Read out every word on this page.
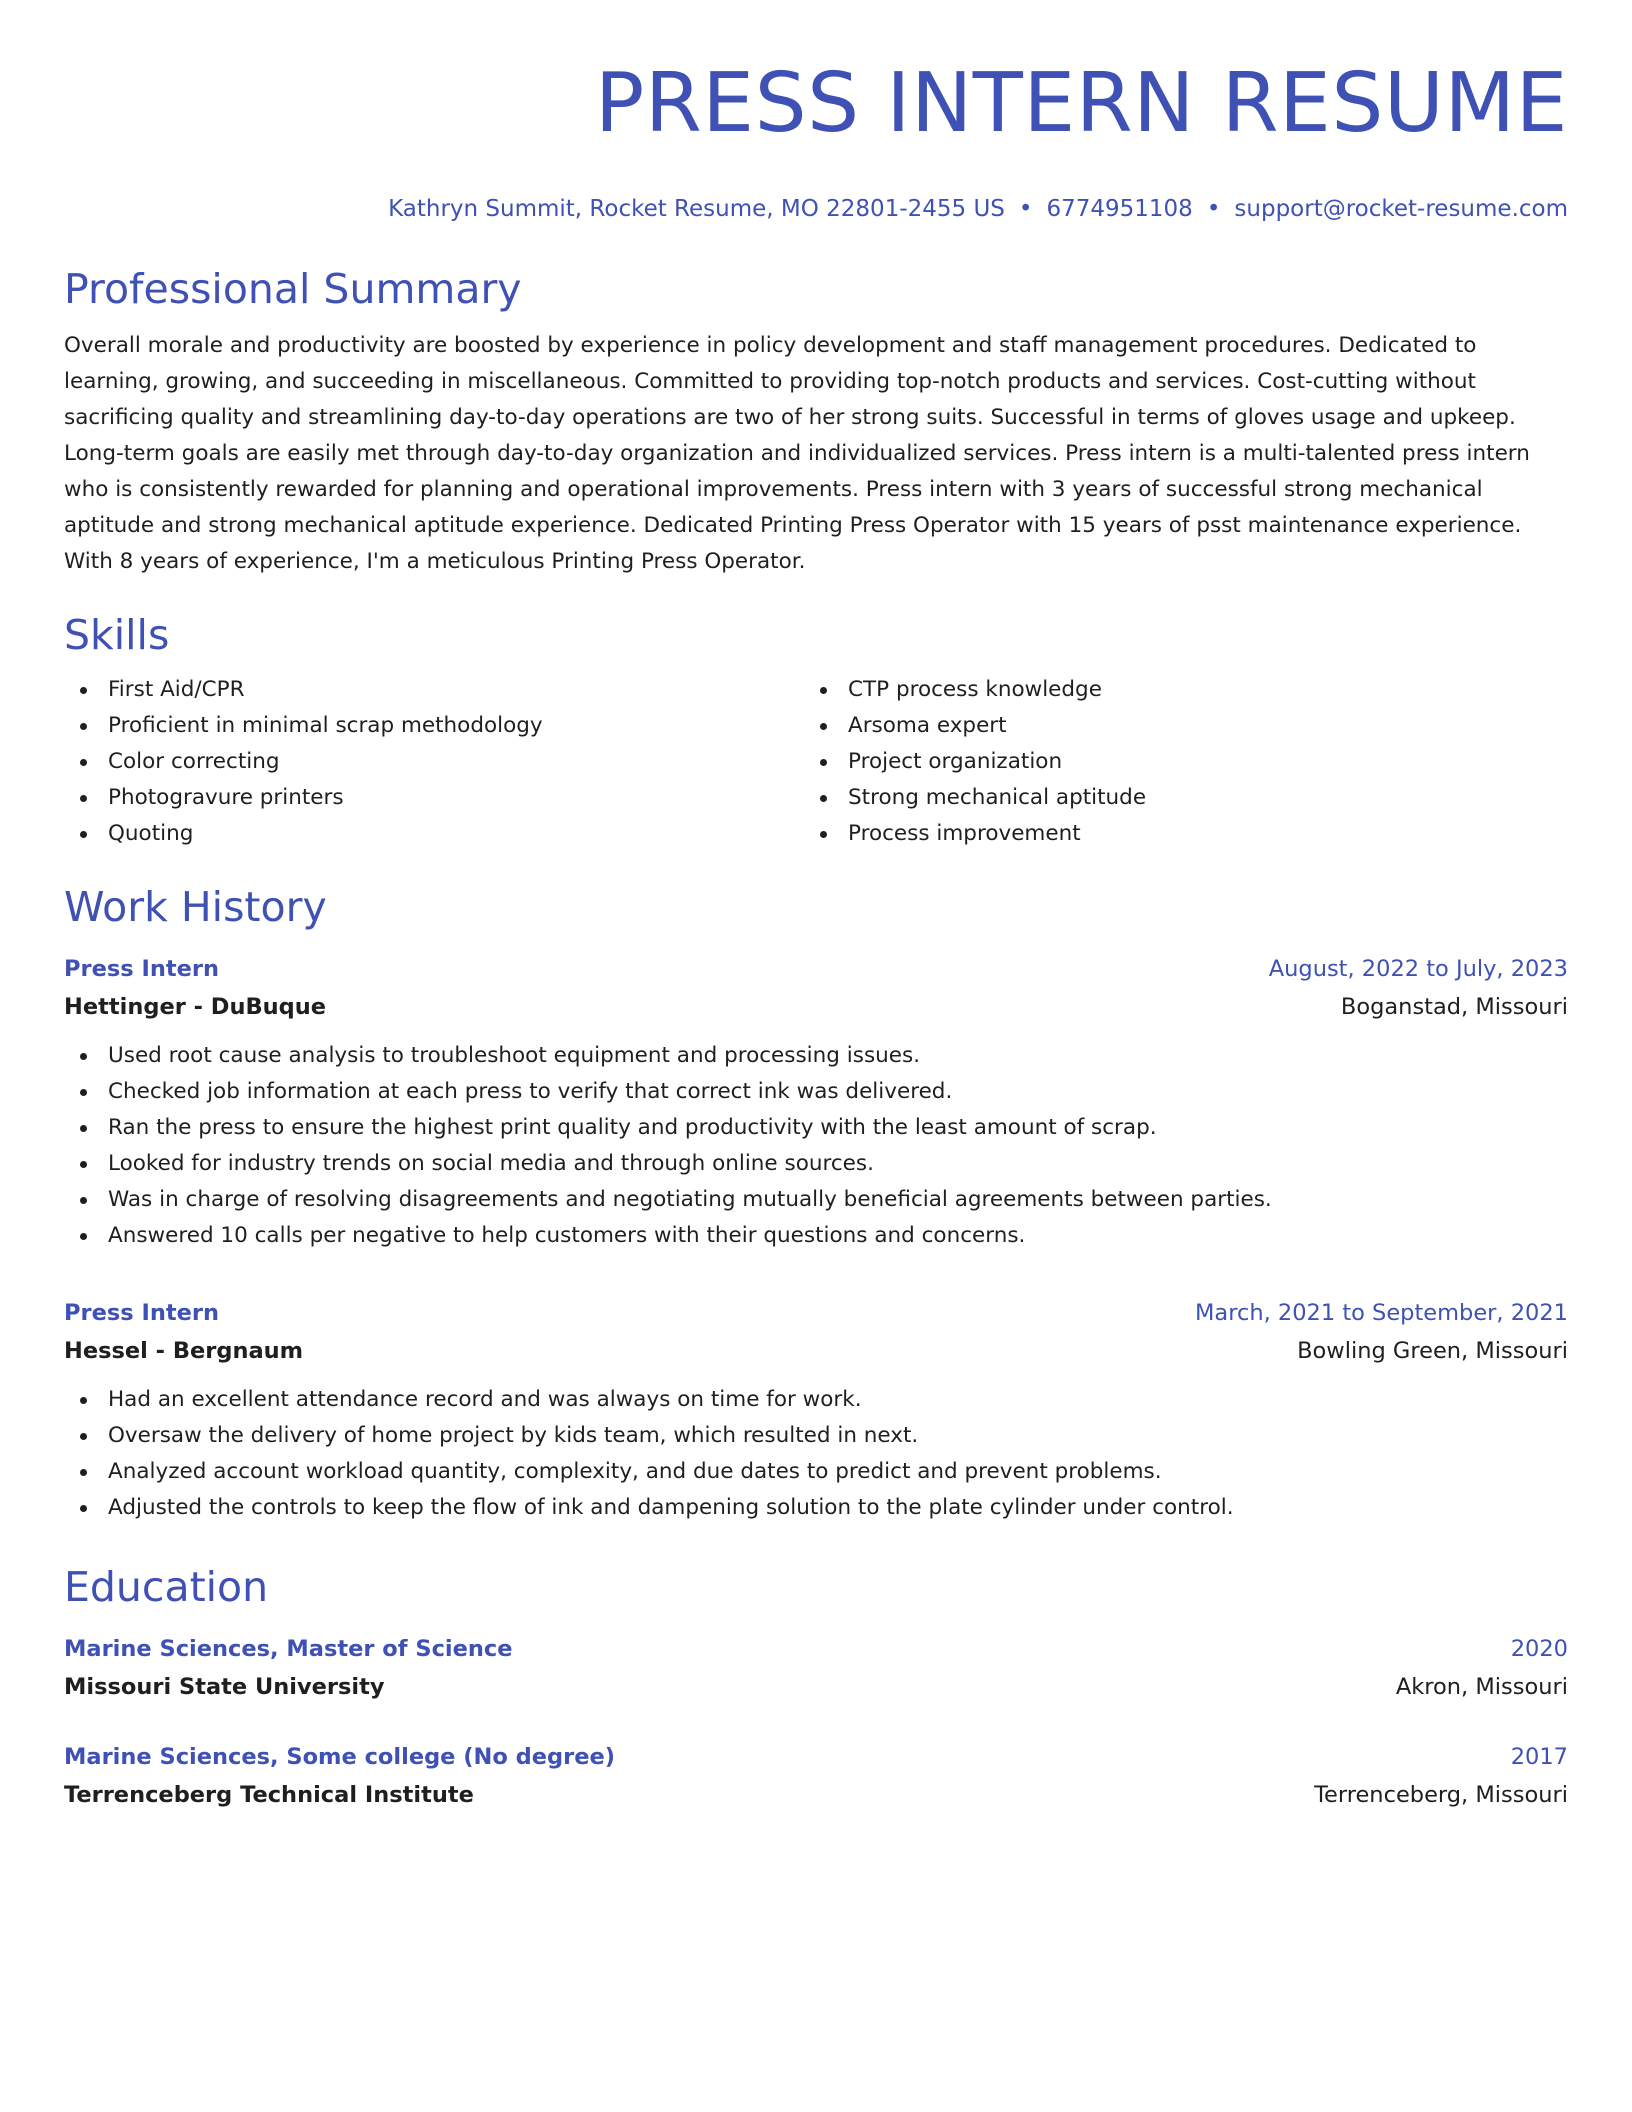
PRESS INTERN RESUME
Kathryn Summit, Rocket Resume, MO 22801-2455 US • 6774951108 • support@rocket-resume.com
Professional Summary
Overall morale and productivity are boosted by experience in policy development and staff management procedures. Dedicated to learning, growing, and succeeding in miscellaneous. Committed to providing top-notch products and services. Cost-cutting without sacrificing quality and streamlining day-to-day operations are two of her strong suits. Successful in terms of gloves usage and upkeep. Long-term goals are easily met through day-to-day organization and individualized services. Press intern is a multi-talented press intern who is consistently rewarded for planning and operational improvements. Press intern with 3 years of successful strong mechanical aptitude and strong mechanical aptitude experience. Dedicated Printing Press Operator with 15 years of psst maintenance experience. With 8 years of experience, I'm a meticulous Printing Press Operator.
Skills
First Aid/CPR
Proficient in minimal scrap methodology
Color correcting
Photogravure printers
Quoting
CTP process knowledge
Arsoma expert
Project organization
Strong mechanical aptitude
Process improvement
Work History
Press Intern	August, 2022 to July, 2023
Hettinger - DuBuque	Boganstad, Missouri
Used root cause analysis to troubleshoot equipment and processing issues.
Checked job information at each press to verify that correct ink was delivered.
Ran the press to ensure the highest print quality and productivity with the least amount of scrap.
Looked for industry trends on social media and through online sources.
Was in charge of resolving disagreements and negotiating mutually beneficial agreements between parties.
Answered 10 calls per negative to help customers with their questions and concerns.
Press Intern	March, 2021 to September, 2021
Hessel - Bergnaum	Bowling Green, Missouri
Had an excellent attendance record and was always on time for work.
Oversaw the delivery of home project by kids team, which resulted in next.
Analyzed account workload quantity, complexity, and due dates to predict and prevent problems.
Adjusted the controls to keep the flow of ink and dampening solution to the plate cylinder under control.
Education
Marine Sciences, Master of Science	2020
Missouri State University	Akron, Missouri
Marine Sciences, Some college (No degree)	2017
Terrenceberg Technical Institute	Terrenceberg, Missouri
